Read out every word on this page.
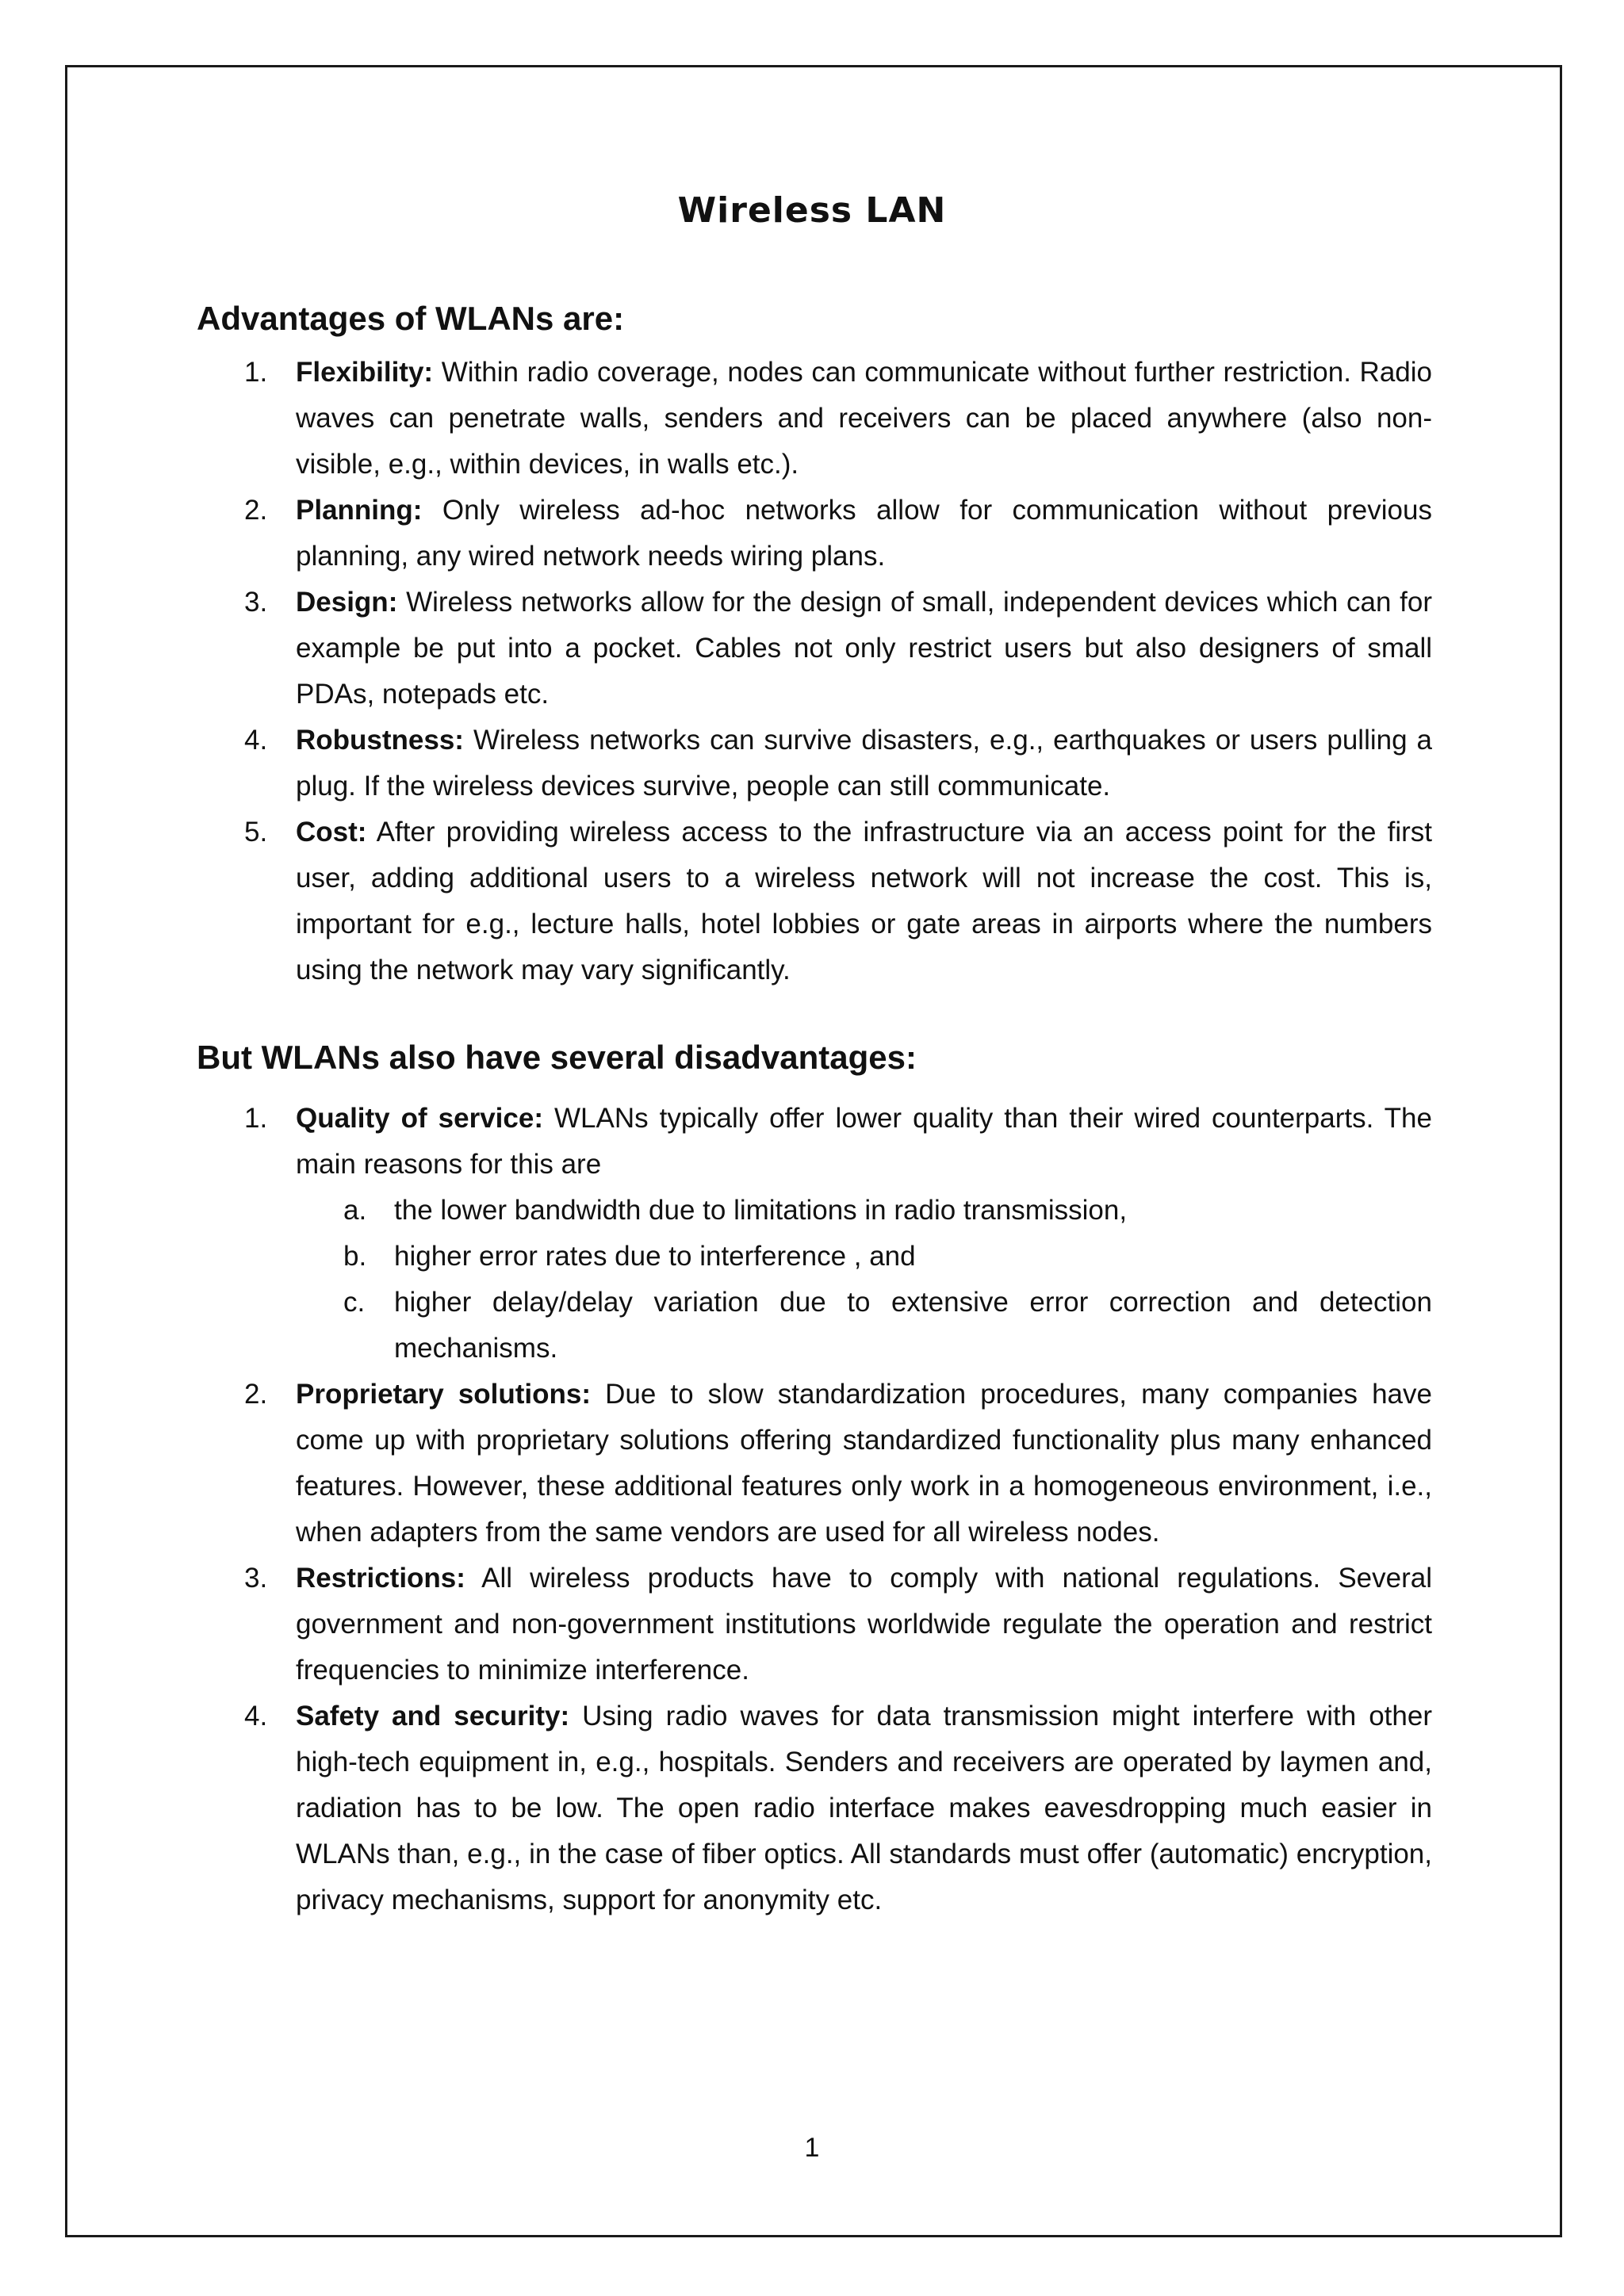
Wireless LAN
Advantages of WLANs are:
1. Flexibility: Within radio coverage, nodes can communicate without further restriction. Radio waves can penetrate walls, senders and receivers can be placed anywhere (also non-visible, e.g., within devices, in walls etc.).
2. Planning: Only wireless ad-hoc networks allow for communication without previous planning, any wired network needs wiring plans.
3. Design: Wireless networks allow for the design of small, independent devices which can for example be put into a pocket. Cables not only restrict users but also designers of small PDAs, notepads etc.
4. Robustness: Wireless networks can survive disasters, e.g., earthquakes or users pulling a plug. If the wireless devices survive, people can still communicate.
5. Cost: After providing wireless access to the infrastructure via an access point for the first user, adding additional users to a wireless network will not increase the cost. This is, important for e.g., lecture halls, hotel lobbies or gate areas in airports where the numbers using the network may vary significantly.
But WLANs also have several disadvantages:
1. Quality of service: WLANs typically offer lower quality than their wired counterparts. The main reasons for this are
a. the lower bandwidth due to limitations in radio transmission,
b. higher error rates due to interference , and
c. higher delay/delay variation due to extensive error correction and detection mechanisms.
2. Proprietary solutions: Due to slow standardization procedures, many companies have come up with proprietary solutions offering standardized functionality plus many enhanced features. However, these additional features only work in a homogeneous environment, i.e., when adapters from the same vendors are used for all wireless nodes.
3. Restrictions: All wireless products have to comply with national regulations. Several government and non-government institutions worldwide regulate the operation and restrict frequencies to minimize interference.
4. Safety and security: Using radio waves for data transmission might interfere with other high-tech equipment in, e.g., hospitals. Senders and receivers are operated by laymen and, radiation has to be low. The open radio interface makes eavesdropping much easier in WLANs than, e.g., in the case of fiber optics. All standards must offer (automatic) encryption, privacy mechanisms, support for anonymity etc.
1
